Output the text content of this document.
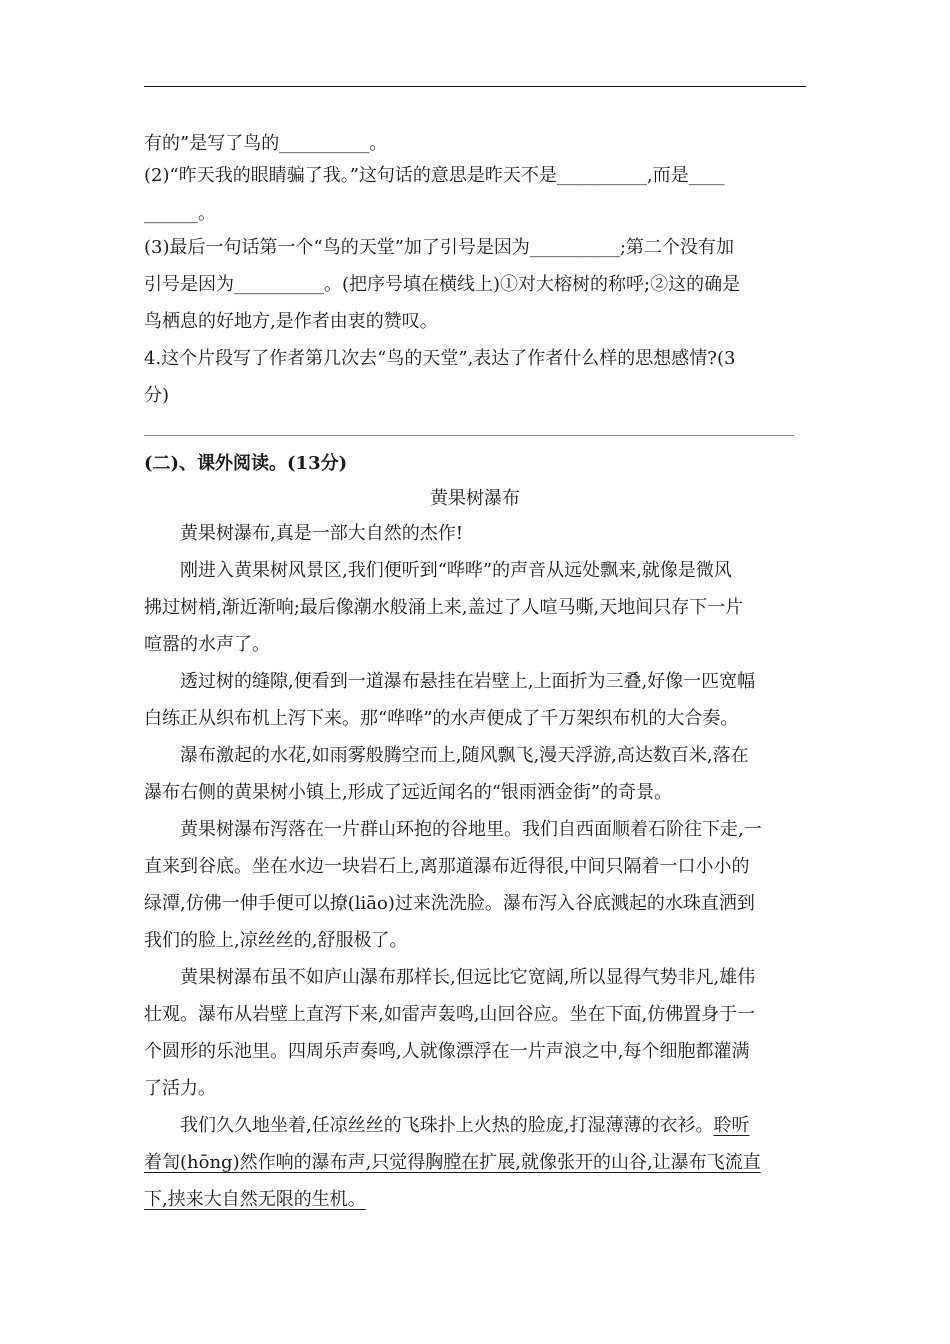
有的”是写了鸟的__________。
(2)“昨天我的眼睛骗了我。”这句话的意思是昨天不是__________,而是____
______。
(3)最后一句话第一个“鸟的天堂”加了引号是因为__________;第二个没有加
引号是因为__________。(把序号填在横线上)①对大榕树的称呼;②这的确是
鸟栖息的好地方,是作者由衷的赞叹。
4.这个片段写了作者第几次去“鸟的天堂”,表达了作者什么样的思想感情?(3
分)
(二)、课外阅读。(13分)
黄果树瀑布
黄果树瀑布,真是一部大自然的杰作!
刚进入黄果树风景区,我们便听到“哗哗”的声音从远处飘来,就像是微风
拂过树梢,渐近渐响;最后像潮水般涌上来,盖过了人喧马嘶,天地间只存下一片
喧嚣的水声了。
透过树的缝隙,便看到一道瀑布悬挂在岩壁上,上面折为三叠,好像一匹宽幅
白练正从织布机上泻下来。那“哗哗”的水声便成了千万架织布机的大合奏。
瀑布激起的水花,如雨雾般腾空而上,随风飘飞,漫天浮游,高达数百米,落在
瀑布右侧的黄果树小镇上,形成了远近闻名的“银雨洒金街”的奇景。
黄果树瀑布泻落在一片群山环抱的谷地里。我们自西面顺着石阶往下走,一
直来到谷底。坐在水边一块岩石上,离那道瀑布近得很,中间只隔着一口小小的
绿潭,仿佛一伸手便可以撩(liāo)过来洗洗脸。瀑布泻入谷底溅起的水珠直洒到
我们的脸上,凉丝丝的,舒服极了。
黄果树瀑布虽不如庐山瀑布那样长,但远比它宽阔,所以显得气势非凡,雄伟
壮观。瀑布从岩壁上直泻下来,如雷声轰鸣,山回谷应。坐在下面,仿佛置身于一
个圆形的乐池里。四周乐声奏鸣,人就像漂浮在一片声浪之中,每个细胞都灌满
了活力。
我们久久地坐着,任凉丝丝的飞珠扑上火热的脸庞,打湿薄薄的衣衫。聆听
着訇(hōng)然作响的瀑布声,只觉得胸膛在扩展,就像张开的山谷,让瀑布飞流直
下,挟来大自然无限的生机。
